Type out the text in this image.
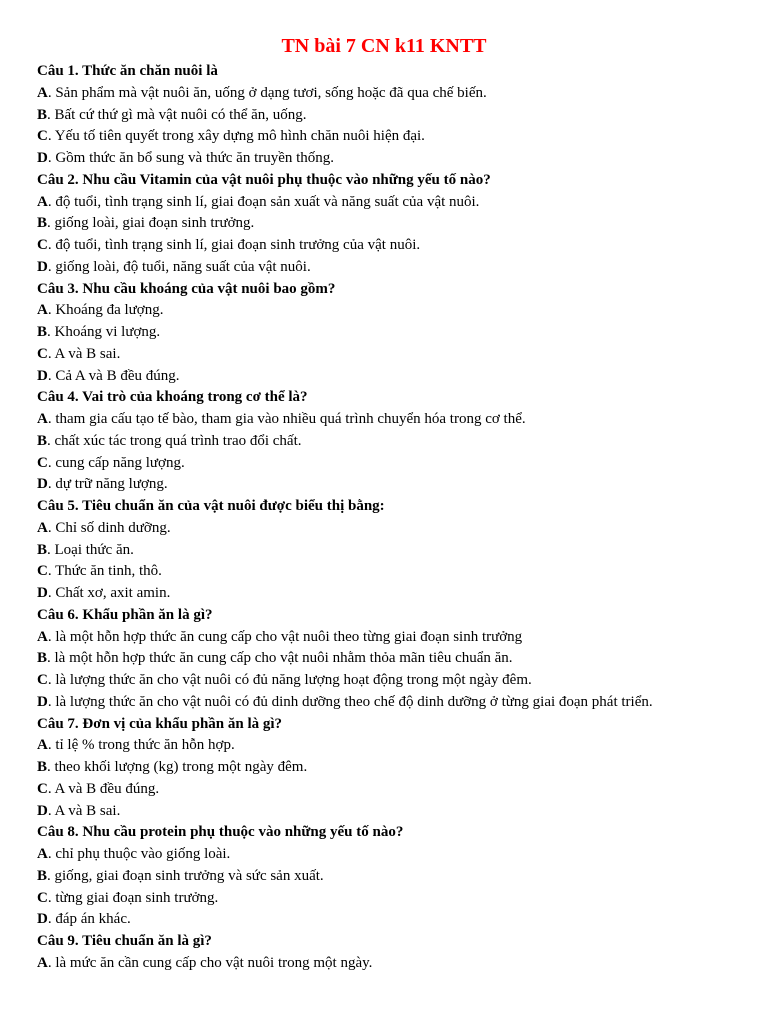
TN bài 7 CN k11 KNTT
Câu 1. Thức ăn chăn nuôi là
A. Sản phẩm mà vật nuôi ăn, uống ở dạng tươi, sống hoặc đã qua chế biến.
B. Bất cứ thứ gì mà vật nuôi có thể ăn, uống.
C. Yếu tố tiên quyết trong xây dựng mô hình chăn nuôi hiện đại.
D. Gồm thức ăn bổ sung và thức ăn truyền thống.
Câu 2. Nhu cầu Vitamin của vật nuôi phụ thuộc vào những yếu tố nào?
A. độ tuổi, tình trạng sinh lí, giai đoạn sản xuất và năng suất của vật nuôi.
B. giống loài, giai đoạn sinh trưởng.
C. độ tuổi, tình trạng sinh lí, giai đoạn sinh trưởng của vật nuôi.
D. giống loài, độ tuổi, năng suất của vật nuôi.
Câu 3. Nhu cầu khoáng của vật nuôi bao gồm?
A. Khoáng đa lượng.
B. Khoáng vi lượng.
C. A và B sai.
D. Cả A và B đều đúng.
Câu 4. Vai trò của khoáng trong cơ thể là?
A. tham gia cấu tạo tế bào, tham gia vào nhiều quá trình chuyển hóa trong cơ thể.
B. chất xúc tác trong quá trình trao đổi chất.
C. cung cấp năng lượng.
D. dự trữ năng lượng.
Câu 5. Tiêu chuẩn ăn của vật nuôi được biểu thị bằng:
A. Chỉ số dinh dưỡng.
B. Loại thức ăn.
C. Thức ăn tinh, thô.
D. Chất xơ, axit amin.
Câu 6. Khẩu phần ăn là gì?
A. là một hỗn hợp thức ăn cung cấp cho vật nuôi theo từng giai đoạn sinh trưởng
B. là một hỗn hợp thức ăn cung cấp cho vật nuôi nhằm thỏa mãn tiêu chuẩn ăn.
C. là lượng thức ăn cho vật nuôi có đủ năng lượng hoạt động trong một ngày đêm.
D. là lượng thức ăn cho vật nuôi có đủ dinh dưỡng theo chế độ dinh dưỡng ở từng giai đoạn phát triển.
Câu 7. Đơn vị của khẩu phần ăn là gì?
A. tỉ lệ % trong thức ăn hỗn hợp.
B. theo khối lượng (kg) trong một ngày đêm.
C. A và B đều đúng.
D. A và B sai.
Câu 8. Nhu cầu protein phụ thuộc vào những yếu tố nào?
A. chỉ phụ thuộc vào giống loài.
B. giống, giai đoạn sinh trưởng và sức sản xuất.
C. từng giai đoạn sinh trưởng.
D. đáp án khác.
Câu 9. Tiêu chuẩn ăn là gì?
A. là mức ăn cần cung cấp cho vật nuôi trong một ngày.
